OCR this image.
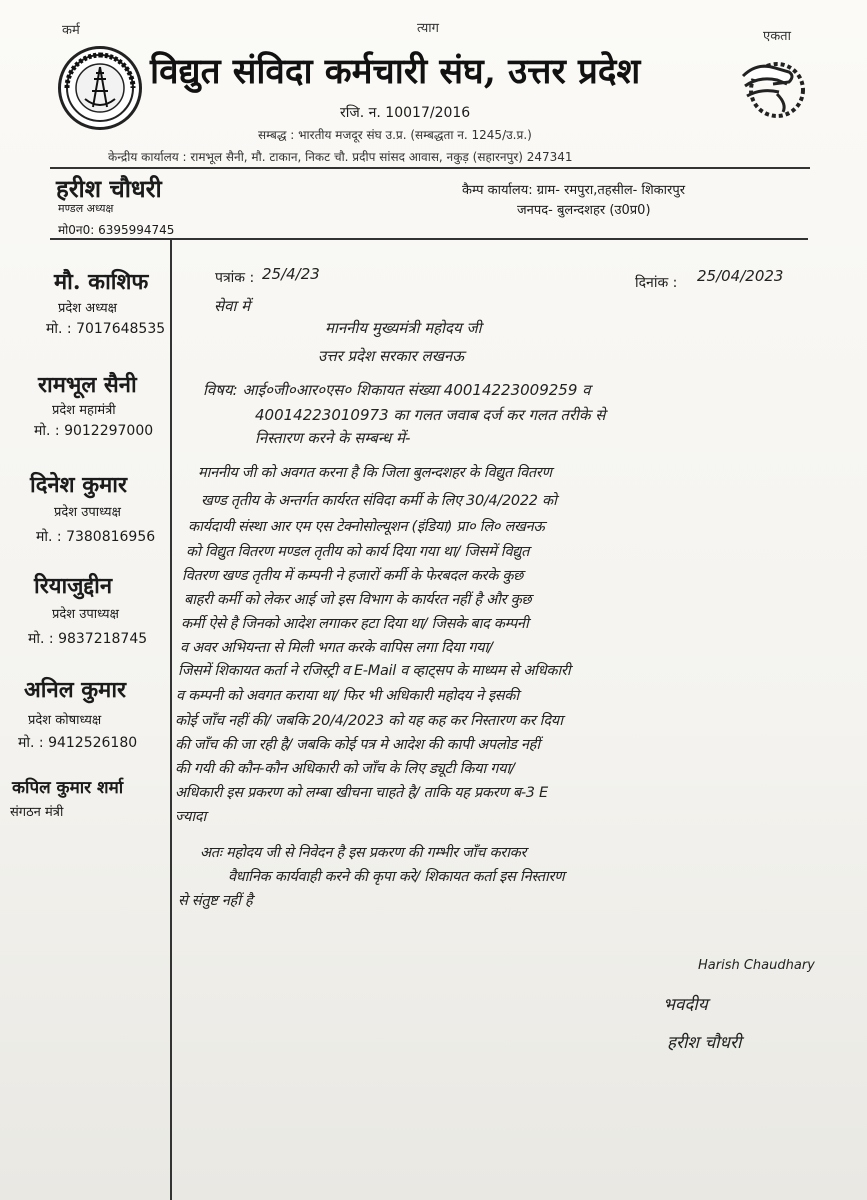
कर्म	त्याग
एकता
विद्युत संविदा कर्मचारी संघ, उत्तर प्रदेश
रजि. न. 10017/2016
सम्बद्ध : भारतीय मजदूर संघ उ.प्र. (सम्बद्धता न. 1245/उ.प्र.)
केन्द्रीय कार्यालय : रामभूल सैनी, मौ. टाकान, निकट चौ. प्रदीप सांसद आवास, नकुड़ (सहारनपुर) 247341
हरीश चौधरी
मण्डल अध्यक्ष
मो0न0: 6395994745
कैम्प कार्यालय: ग्राम- रमपुरा,तहसील- शिकारपुर
जनपद- बुलन्दशहर (उ0प्र0)
मौ. काशिफ
प्रदेश अध्यक्ष
मो. : 7017648535
रामभूल सैनी
प्रदेश महामंत्री
मो. : 9012297000
दिनेश कुमार
प्रदेश उपाध्यक्ष
मो. : 7380816956
रियाजुद्दीन
प्रदेश उपाध्यक्ष
मो. : 9837218745
अनिल कुमार
प्रदेश कोषाध्यक्ष
मो. : 9412526180
कपिल कुमार शर्मा
संगठन मंत्री
पत्रांक : 25/4/23	दिनांक : 25/04/2023
सेवा में
माननीय मुख्यमंत्री महोदय जी
उत्तर प्रदेश सरकार लखनऊ
विषय: आई०जी०आर०एस० शिकायत संख्या 40014223009259 व
40014223010973 का गलत जवाब दर्ज कर गलत तरीके से
निस्तारण करने के सम्बन्ध में-
माननीय जी को अवगत करना है कि जिला बुलन्दशहर के विद्युत वितरण
खण्ड तृतीय के अन्तर्गत कार्यरत संविदा कर्मी के लिए 30/4/2022 को
कार्यदायी संस्था आर एम एस टेक्नोसोल्यूशन (इंडिया) प्रा० लि० लखनऊ
को विद्युत वितरण मण्डल तृतीय को कार्य दिया गया था/ जिसमें विद्युत
वितरण खण्ड तृतीय में कम्पनी ने हजारों कर्मी के फेरबदल करके कुछ
बाहरी कर्मी को लेकर आई जो इस विभाग के कार्यरत नहीं है और कुछ
कर्मी ऐसे है जिनको आदेश लगाकर हटा दिया था/ जिसके बाद कम्पनी
व अवर अभियन्ता से मिली भगत करके वापिस लगा दिया गया/
जिसमें शिकायत कर्ता ने रजिस्ट्री व E-Mail व व्हाट्सप के माध्यम से अधिकारी
व कम्पनी को अवगत कराया था/ फिर भी अधिकारी महोदय ने इसकी
कोई जाँच नहीं की/ जबकि 20/4/2023 को यह कह कर निस्तारण कर दिया
की जाँच की जा रही है/ जबकि कोई पत्र मे आदेश की कापी अपलोड नहीं
की गयी की कौन-कौन अधिकारी को जाँच के लिए ड्यूटी किया गया/
अधिकारी इस प्रकरण को लम्बा खीचना चाहते है/ ताकि यह प्रकरण ब-3 E
ज्यादा
अतः महोदय जी से निवेदन है इस प्रकरण की गम्भीर जाँच कराकर
वैधानिक कार्यवाही करने की कृपा करे/ शिकायत कर्ता इस निस्तारण
से संतुष्ट नहीं है
Harish Chaudhary
भवदीय
हरीश चौधरी
